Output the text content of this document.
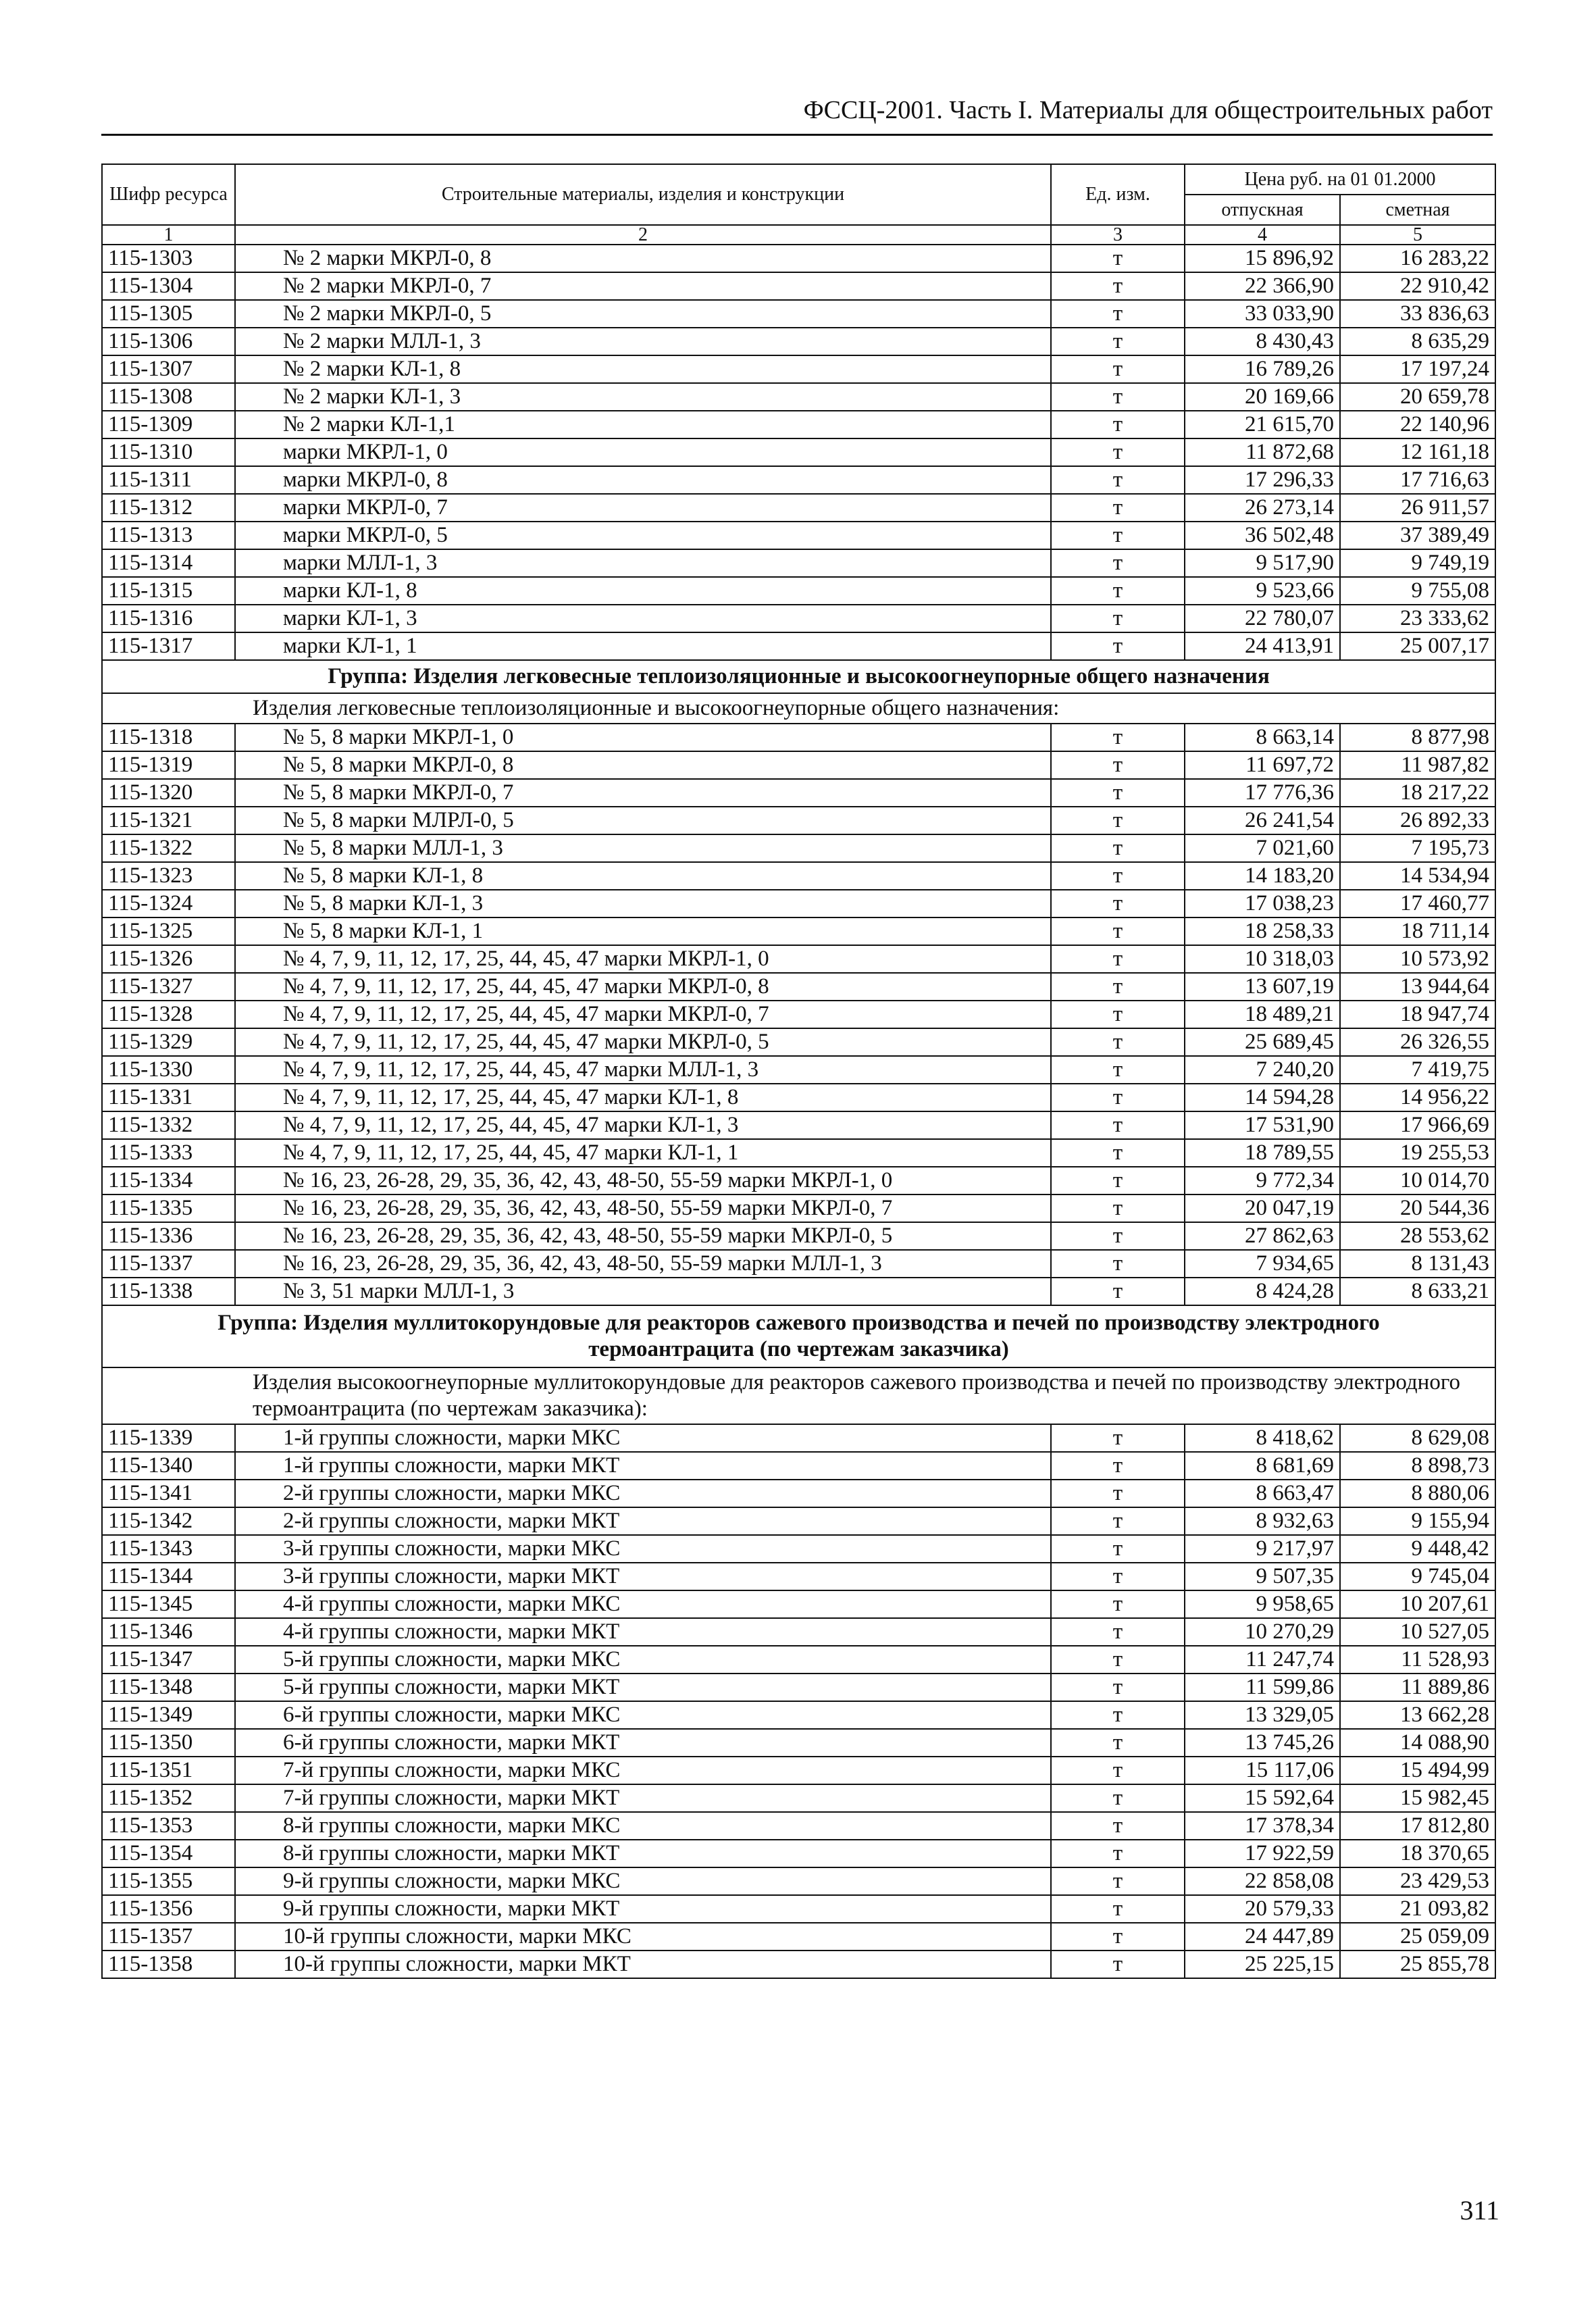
ФССЦ-2001. Часть I. Материалы для общестроительных работ
Шифр ресурса	Строительные материалы, изделия и конструкции	Ед. изм.	Цена руб. на 01 01.2000	
			отпускная	сметная
1	2	3	4	5
115-1303	№ 2 марки МКРЛ-0, 8	т	15 896,92	16 283,22
115-1304	№ 2 марки МКРЛ-0, 7	т	22 366,90	22 910,42
115-1305	№ 2 марки МКРЛ-0, 5	т	33 033,90	33 836,63
115-1306	№ 2 марки МЛЛ-1, 3	т	8 430,43	8 635,29
115-1307	№ 2 марки КЛ-1, 8	т	16 789,26	17 197,24
115-1308	№ 2 марки КЛ-1, 3	т	20 169,66	20 659,78
115-1309	№ 2 марки КЛ-1,1	т	21 615,70	22 140,96
115-1310	марки МКРЛ-1, 0	т	11 872,68	12 161,18
115-1311	марки МКРЛ-0, 8	т	17 296,33	17 716,63
115-1312	марки МКРЛ-0, 7	т	26 273,14	26 911,57
115-1313	марки МКРЛ-0, 5	т	36 502,48	37 389,49
115-1314	марки МЛЛ-1, 3	т	9 517,90	9 749,19
115-1315	марки КЛ-1, 8	т	9 523,66	9 755,08
115-1316	марки КЛ-1, 3	т	22 780,07	23 333,62
115-1317	марки КЛ-1, 1	т	24 413,91	25 007,17
Группа: Изделия легковесные теплоизоляционные и высокоогнеупорные общего назначения				
Изделия легковесные теплоизоляционные и высокоогнеупорные общего назначения:				
115-1318	№ 5, 8 марки МКРЛ-1, 0	т	8 663,14	8 877,98
115-1319	№ 5, 8 марки МКРЛ-0, 8	т	11 697,72	11 987,82
115-1320	№ 5, 8 марки МКРЛ-0, 7	т	17 776,36	18 217,22
115-1321	№ 5, 8 марки МЛРЛ-0, 5	т	26 241,54	26 892,33
115-1322	№ 5, 8 марки МЛЛ-1, 3	т	7 021,60	7 195,73
115-1323	№ 5, 8 марки КЛ-1, 8	т	14 183,20	14 534,94
115-1324	№ 5, 8 марки КЛ-1, 3	т	17 038,23	17 460,77
115-1325	№ 5, 8 марки КЛ-1, 1	т	18 258,33	18 711,14
115-1326	№ 4, 7, 9, 11, 12, 17, 25, 44, 45, 47 марки МКРЛ-1, 0	т	10 318,03	10 573,92
115-1327	№ 4, 7, 9, 11, 12, 17, 25, 44, 45, 47 марки МКРЛ-0, 8	т	13 607,19	13 944,64
115-1328	№ 4, 7, 9, 11, 12, 17, 25, 44, 45, 47 марки МКРЛ-0, 7	т	18 489,21	18 947,74
115-1329	№ 4, 7, 9, 11, 12, 17, 25, 44, 45, 47 марки МКРЛ-0, 5	т	25 689,45	26 326,55
115-1330	№ 4, 7, 9, 11, 12, 17, 25, 44, 45, 47 марки МЛЛ-1, 3	т	7 240,20	7 419,75
115-1331	№ 4, 7, 9, 11, 12, 17, 25, 44, 45, 47 марки КЛ-1, 8	т	14 594,28	14 956,22
115-1332	№ 4, 7, 9, 11, 12, 17, 25, 44, 45, 47 марки КЛ-1, 3	т	17 531,90	17 966,69
115-1333	№ 4, 7, 9, 11, 12, 17, 25, 44, 45, 47 марки КЛ-1, 1	т	18 789,55	19 255,53
115-1334	№ 16, 23, 26-28, 29, 35, 36, 42, 43, 48-50, 55-59 марки МКРЛ-1, 0	т	9 772,34	10 014,70
115-1335	№ 16, 23, 26-28, 29, 35, 36, 42, 43, 48-50, 55-59 марки МКРЛ-0, 7	т	20 047,19	20 544,36
115-1336	№ 16, 23, 26-28, 29, 35, 36, 42, 43, 48-50, 55-59 марки МКРЛ-0, 5	т	27 862,63	28 553,62
115-1337	№ 16, 23, 26-28, 29, 35, 36, 42, 43, 48-50, 55-59 марки МЛЛ-1, 3	т	7 934,65	8 131,43
115-1338	№ 3, 51 марки МЛЛ-1, 3	т	8 424,28	8 633,21
Группа: Изделия муллитокорундовые для реакторов сажевого производства и печей по производству электродного термоантрацита (по чертежам заказчика)				
Изделия высокоогнеупорные муллитокорундовые для реакторов сажевого производства и печей по производству электродного термоантрацита (по чертежам заказчика):				
115-1339	1-й группы сложности, марки МКС	т	8 418,62	8 629,08
115-1340	1-й группы сложности, марки МКТ	т	8 681,69	8 898,73
115-1341	2-й группы сложности, марки МКС	т	8 663,47	8 880,06
115-1342	2-й группы сложности, марки МКТ	т	8 932,63	9 155,94
115-1343	3-й группы сложности, марки МКС	т	9 217,97	9 448,42
115-1344	3-й группы сложности, марки МКТ	т	9 507,35	9 745,04
115-1345	4-й группы сложности, марки МКС	т	9 958,65	10 207,61
115-1346	4-й группы сложности, марки МКТ	т	10 270,29	10 527,05
115-1347	5-й группы сложности, марки МКС	т	11 247,74	11 528,93
115-1348	5-й группы сложности, марки МКТ	т	11 599,86	11 889,86
115-1349	6-й группы сложности, марки МКС	т	13 329,05	13 662,28
115-1350	6-й группы сложности, марки МКТ	т	13 745,26	14 088,90
115-1351	7-й группы сложности, марки МКС	т	15 117,06	15 494,99
115-1352	7-й группы сложности, марки МКТ	т	15 592,64	15 982,45
115-1353	8-й группы сложности, марки МКС	т	17 378,34	17 812,80
115-1354	8-й группы сложности, марки МКТ	т	17 922,59	18 370,65
115-1355	9-й группы сложности, марки МКС	т	22 858,08	23 429,53
115-1356	9-й группы сложности, марки МКТ	т	20 579,33	21 093,82
115-1357	10-й группы сложности, марки МКС	т	24 447,89	25 059,09
115-1358	10-й группы сложности, марки МКТ	т	25 225,15	25 855,78
311
